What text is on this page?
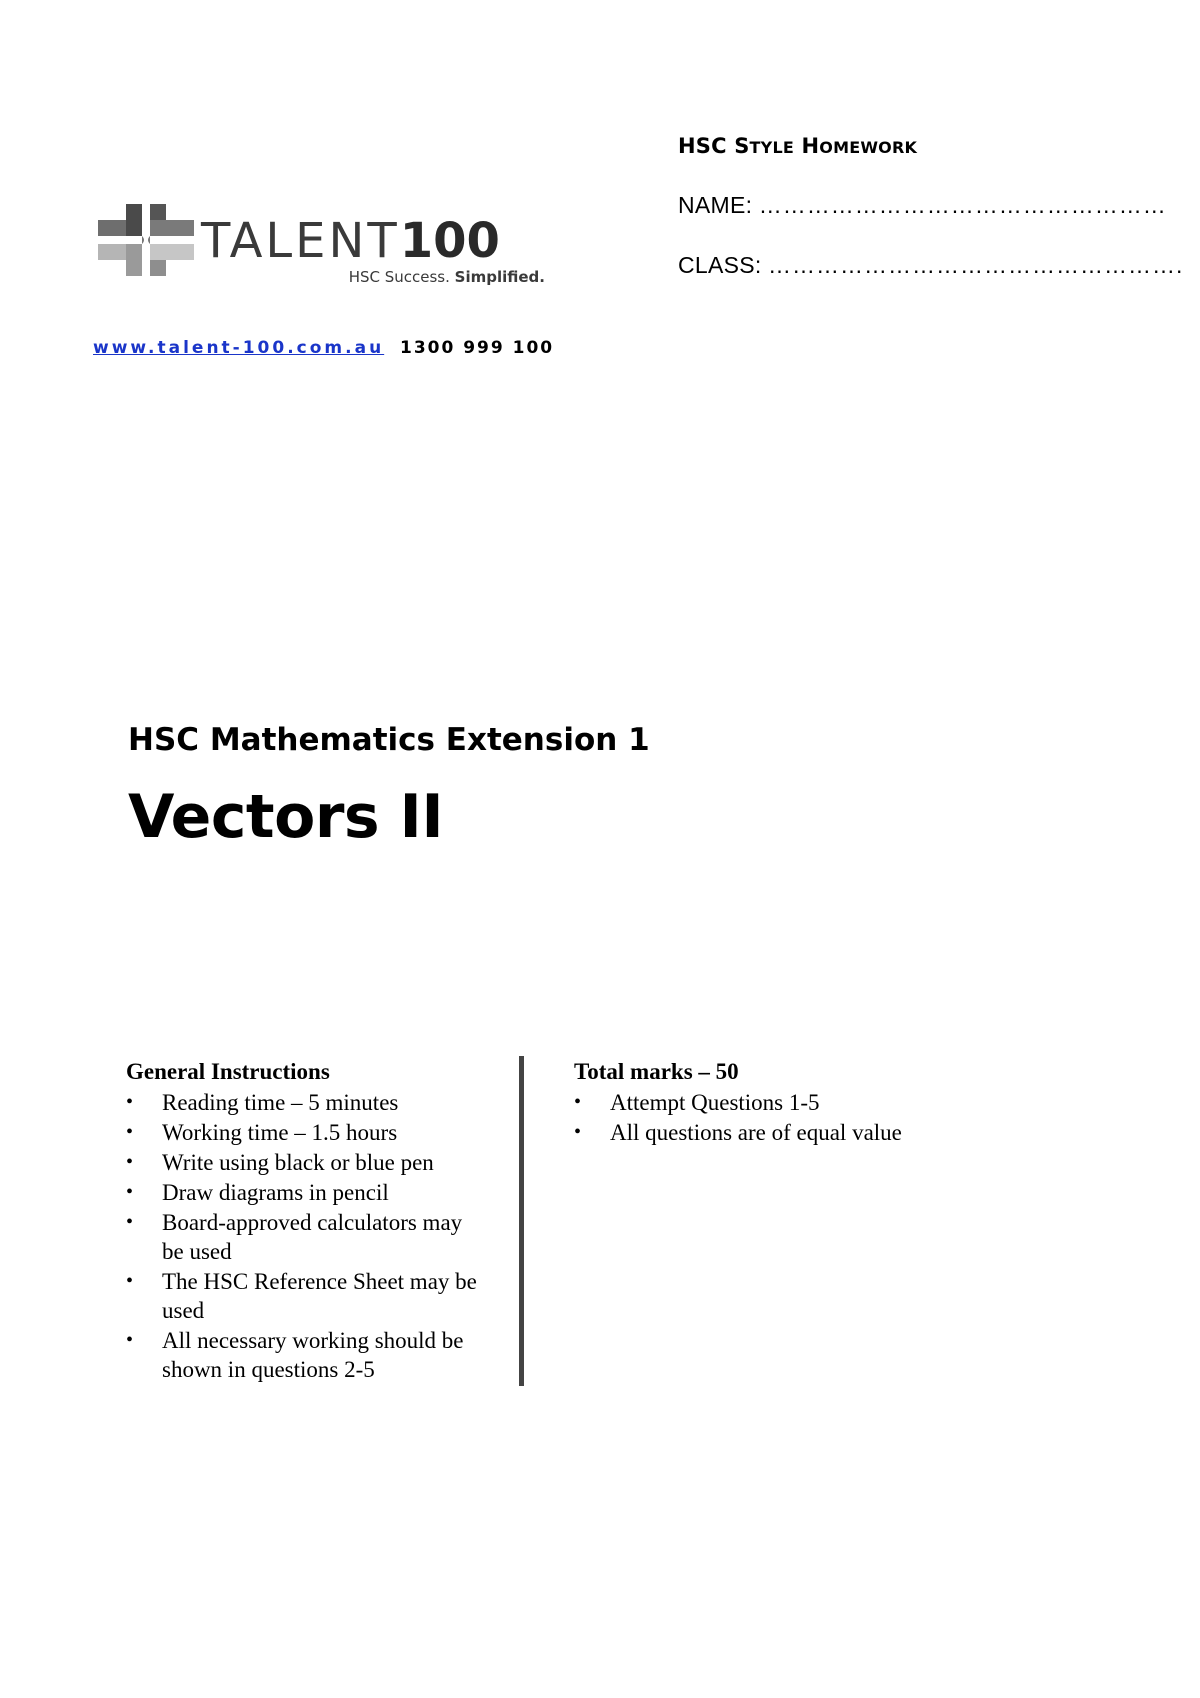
TALENT100
HSC Success. Simplified.
HSC STYLE HOMEWORK
NAME: ……………………………………………
CLASS: …………………………………………….
www.talent-100.com.au 1300 999 100
HSC Mathematics Extension 1
Vectors II
General Instructions
• Reading time – 5 minutes
• Working time – 1.5 hours
• Write using black or blue pen
• Draw diagrams in pencil
• Board-approved calculators may be used
• The HSC Reference Sheet may be used
• All necessary working should be shown in questions 2-5
Total marks – 50
• Attempt Questions 1-5
• All questions are of equal value
